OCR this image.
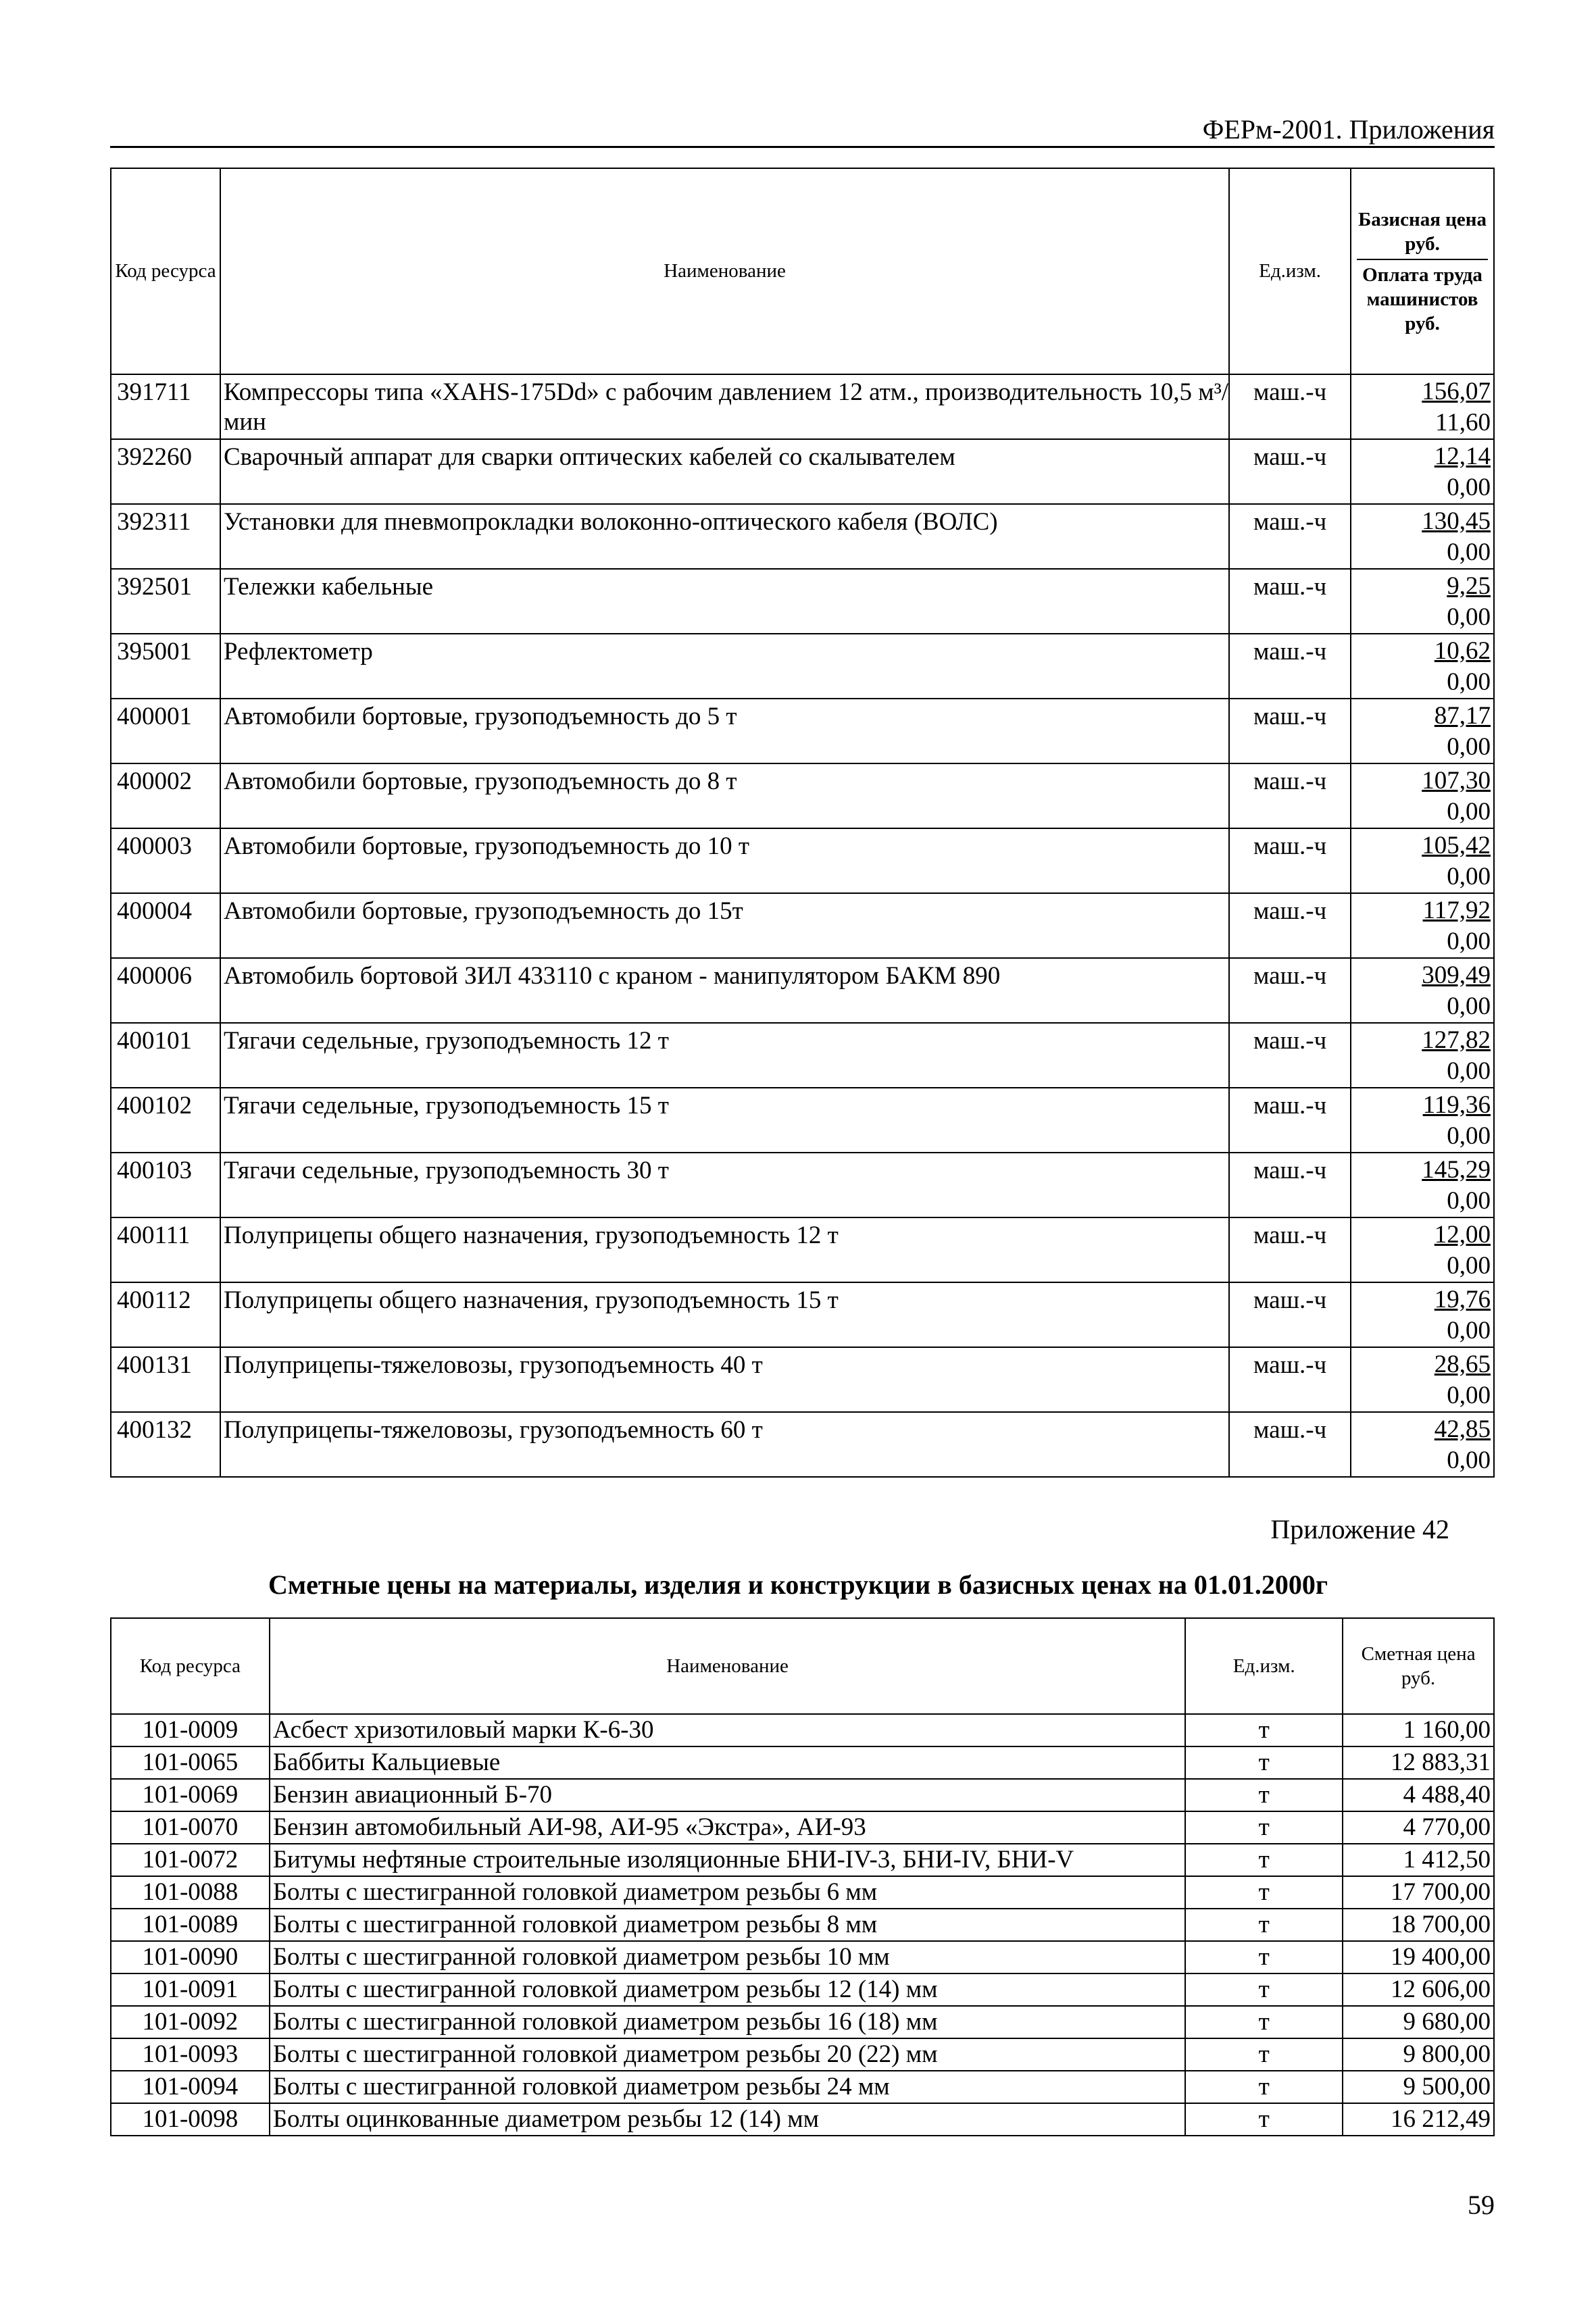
ФЕРм-2001. Приложения
Код ресурса	Наименование	Ед.изм.	Базисная цена руб.
Оплата труда машинистов руб.

391711	Компрессоры типа «XAHS-175Dd» с рабочим давлением 12 атм., производительность 10,5 м³/мин	маш.-ч	156,07
11,60

392260	Сварочный аппарат для сварки оптических кабелей со скалывателем	маш.-ч	12,14
0,00

392311	Установки для пневмопрокладки волоконно-оптического кабеля (ВОЛС)	маш.-ч	130,45
0,00

392501	Тележки кабельные	маш.-ч	9,25
0,00

395001	Рефлектометр	маш.-ч	10,62
0,00

400001	Автомобили бортовые, грузоподъемность до 5 т	маш.-ч	87,17
0,00

400002	Автомобили бортовые, грузоподъемность до 8 т	маш.-ч	107,30
0,00

400003	Автомобили бортовые, грузоподъемность до 10 т	маш.-ч	105,42
0,00

400004	Автомобили бортовые, грузоподъемность до 15т	маш.-ч	117,92
0,00

400006	Автомобиль бортовой ЗИЛ 433110 с краном - манипулятором БАКМ 890	маш.-ч	309,49
0,00

400101	Тягачи седельные, грузоподъемность 12 т	маш.-ч	127,82
0,00

400102	Тягачи седельные, грузоподъемность 15 т	маш.-ч	119,36
0,00

400103	Тягачи седельные, грузоподъемность 30 т	маш.-ч	145,29
0,00

400111	Полуприцепы общего назначения, грузоподъемность 12 т	маш.-ч	12,00
0,00

400112	Полуприцепы общего назначения, грузоподъемность 15 т	маш.-ч	19,76
0,00

400131	Полуприцепы-тяжеловозы, грузоподъемность 40 т	маш.-ч	28,65
0,00

400132	Полуприцепы-тяжеловозы, грузоподъемность 60 т	маш.-ч	42,85
0,00
Приложение 42
Сметные цены на материалы, изделия и конструкции в базисных ценах на 01.01.2000г
Код ресурса	Наименование	Ед.изм.	Сметная цена руб.
101-0009	Асбест хризотиловый марки К-6-30	т	1 160,00
101-0065	Баббиты Кальциевые	т	12 883,31
101-0069	Бензин авиационный Б-70	т	4 488,40
101-0070	Бензин автомобильный АИ-98, АИ-95 «Экстра», АИ-93	т	4 770,00
101-0072	Битумы нефтяные строительные изоляционные БНИ-IV-3, БНИ-IV, БНИ-V	т	1 412,50
101-0088	Болты с шестигранной головкой диаметром резьбы 6 мм	т	17 700,00
101-0089	Болты с шестигранной головкой диаметром резьбы 8 мм	т	18 700,00
101-0090	Болты с шестигранной головкой диаметром резьбы 10 мм	т	19 400,00
101-0091	Болты с шестигранной головкой диаметром резьбы 12 (14) мм	т	12 606,00
101-0092	Болты с шестигранной головкой диаметром резьбы 16 (18) мм	т	9 680,00
101-0093	Болты с шестигранной головкой диаметром резьбы 20 (22) мм	т	9 800,00
101-0094	Болты с шестигранной головкой диаметром резьбы 24 мм	т	9 500,00
101-0098	Болты оцинкованные диаметром резьбы 12 (14) мм	т	16 212,49
59
